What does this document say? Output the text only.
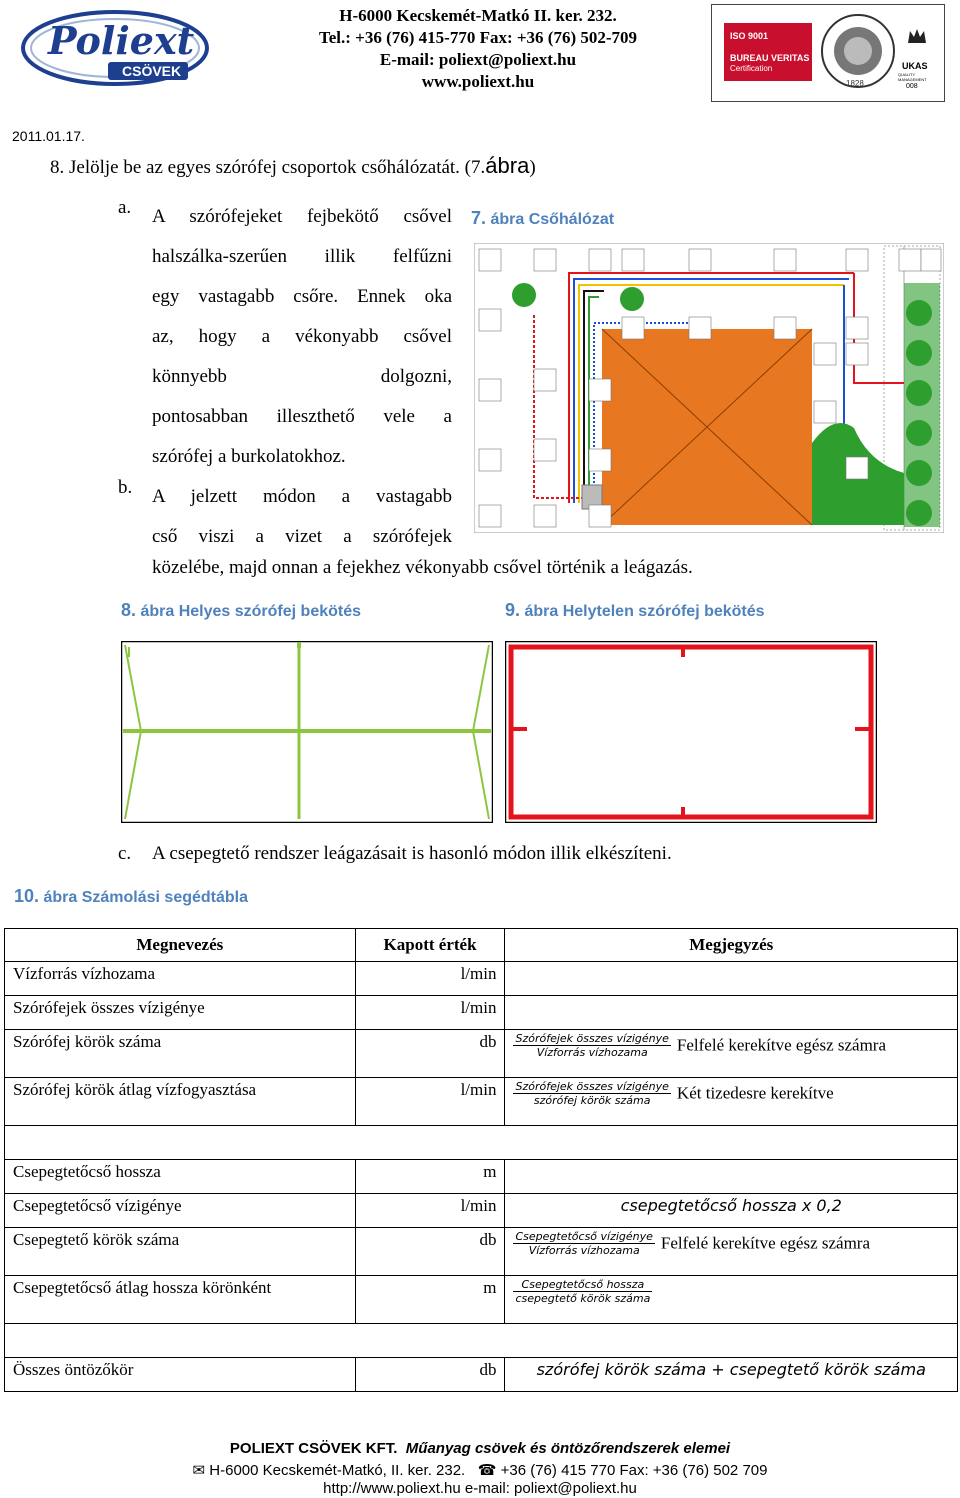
Poliext
CSÖVEK
H-6000 Kecskemét-Matkó II. ker. 232.
Tel.: +36 (76) 415-770 Fax: +36 (76) 502-709
E-mail: poliext@poliext.hu
www.poliext.hu
ISO 9001
BUREAU VERITAS
Certification
1828
UKAS
QUALITY MANAGEMENT
008
2011.01.17.
8. Jelölje be az egyes szórófej csoportok csőhálózatát. (7.ábra)
a. A szórófejeket fejbekötő csővel
halszálka-szerűen illik felfűzni
egy vastagabb csőre. Ennek oka
az, hogy a vékonyabb csővel
könnyebb dolgozni,
pontosabban illeszthető vele a
szórófej a burkolatokhoz.
b. A jelzett módon a vastagabb
cső viszi a vizet a szórófejek
közelébe, majd onnan a fejekhez vékonyabb csővel történik a leágazás.
7. ábra Csőhálózat
8. ábra Helyes szórófej bekötés	9. ábra Helytelen szórófej bekötés
c. A csepegtető rendszer leágazásait is hasonló módon illik elkészíteni.
10. ábra Számolási segédtábla
Megnevezés	Kapott érték	Megjegyzés
Vízforrás vízhozama	l/min	
Szórófejek összes vízigénye	l/min	
Szórófej körök száma	db	$\frac{\text{Szórófejek összes vízigénye}}{\text{Vízforrás vízhozama}}$ Felfelé kerekítve egész számra
Szórófej körök átlag vízfogyasztása	l/min	$\frac{\text{Szórófejek összes vízigénye}}{\text{szórófej körök száma}}$ Két tizedesre kerekítve

Csepegtetőcső hossza	m	
Csepegtetőcső vízigénye	l/min	csepegtetőcső hossza x 0,2
Csepegtető körök száma	db	$\frac{\text{Csepegtetőcső vízigénye}}{\text{Vízforrás vízhozama}}$ Felfelé kerekítve egész számra
Csepegtetőcső átlag hossza körönként	m	$\frac{\text{Csepegtetőcső hossza}}{\text{csepegtető körök száma}}$

Összes öntözőkör	db	szórófej körök száma + csepegtető körök száma
POLIEXT CSÖVEK KFT. Műanyag csövek és öntözőrendszerek elemei
✉ H-6000 Kecskemét-Matkó, II. ker. 232. ☎ +36 (76) 415 770 Fax: +36 (76) 502 709
http://www.poliext.hu e-mail: poliext@poliext.hu
